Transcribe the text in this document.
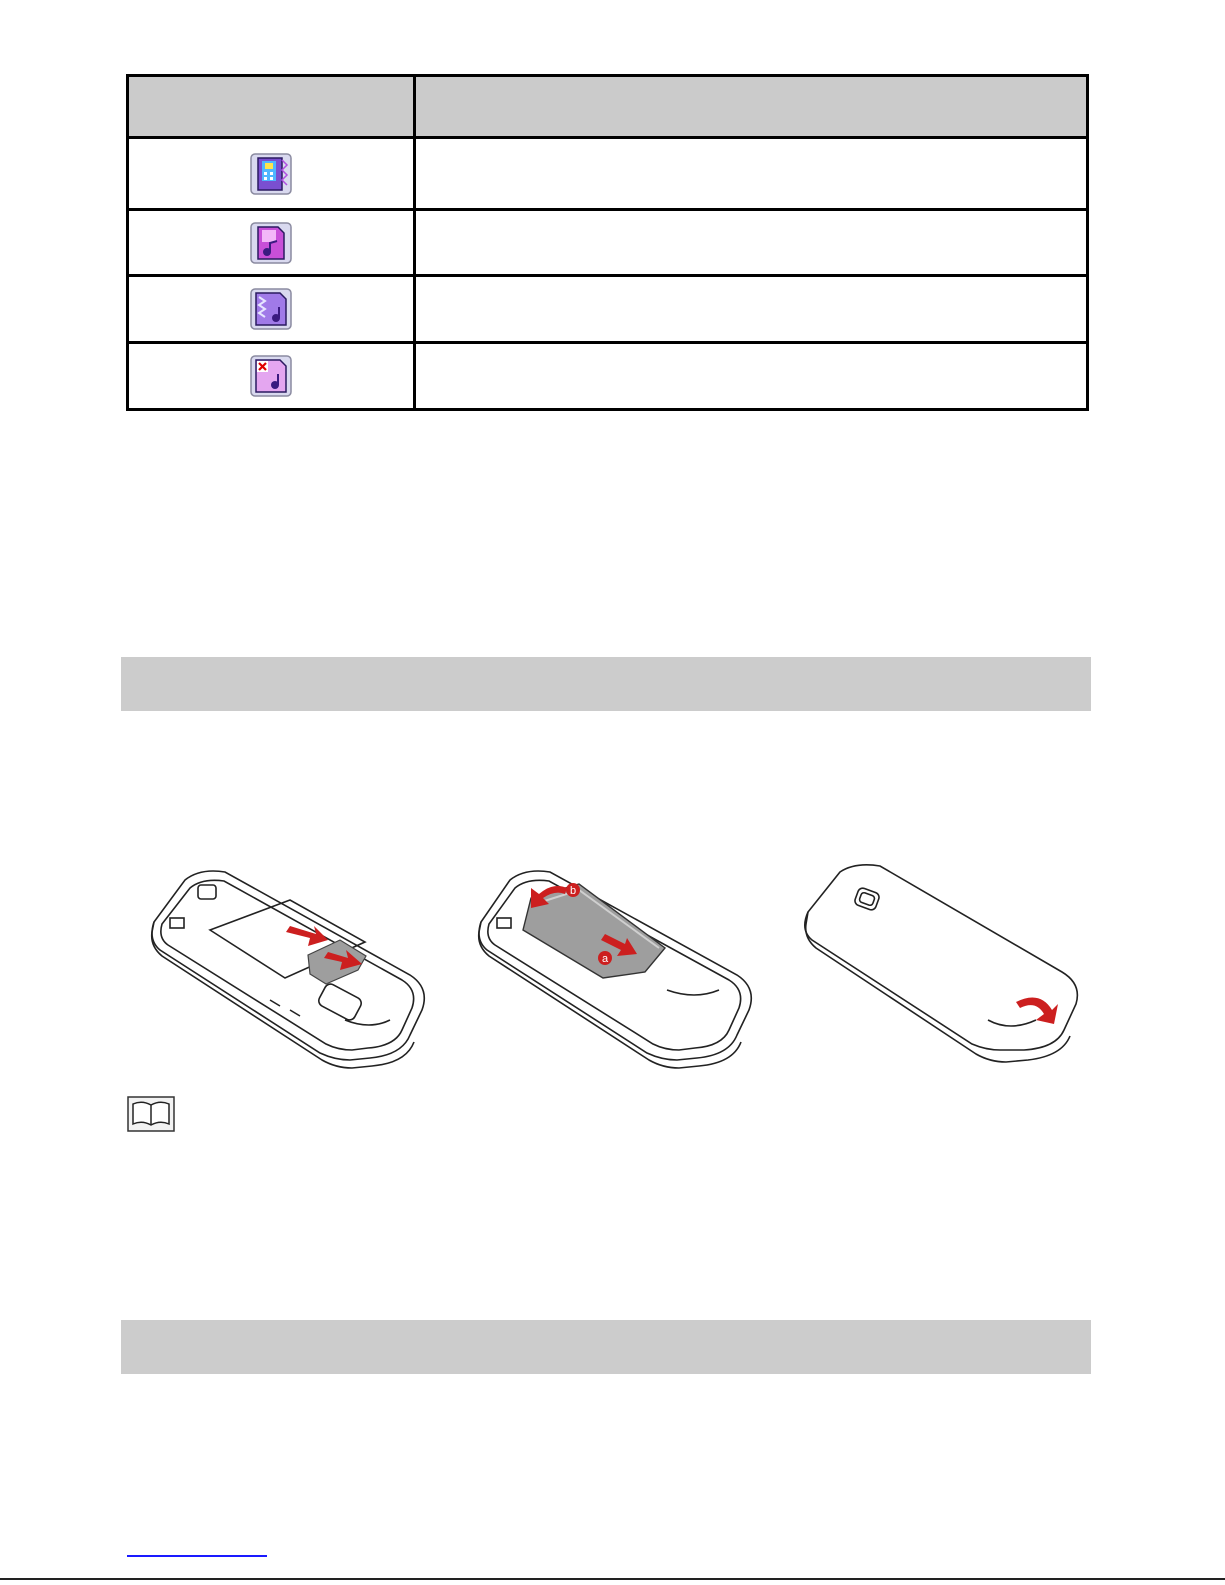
b
a
